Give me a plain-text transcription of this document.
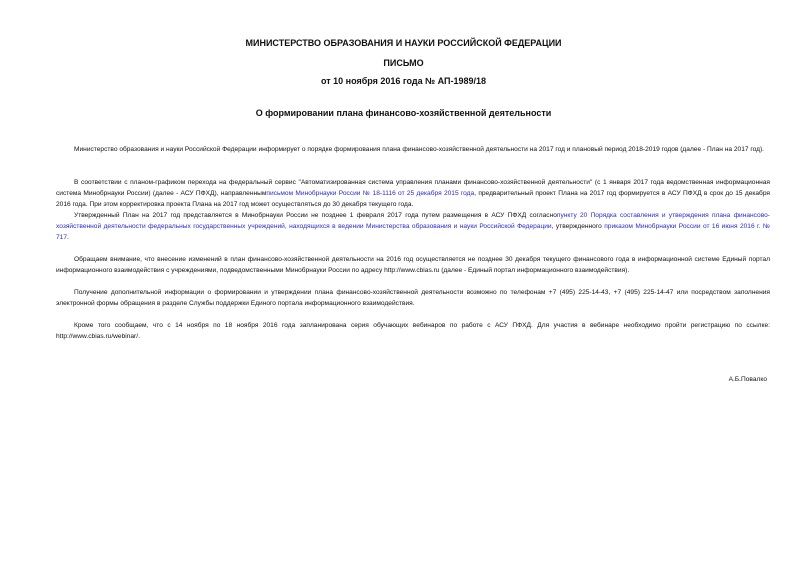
МИНИСТЕРСТВО ОБРАЗОВАНИЯ И НАУКИ РОССИЙСКОЙ ФЕДЕРАЦИИ
ПИСЬМО
от 10 ноября 2016 года № АП-1989/18
О формировании плана финансово-хозяйственной деятельности
Министерство образования и науки Российской Федерации информирует о порядке формирования плана финансово-хозяйственной деятельности на 2017 год и плановый период 2018-2019 годов (далее - План на 2017 год).
В соответствии с планом-графиком перехода на федеральный сервис "Автоматизированная система управления планами финансово-хозяйственной деятельности" (с 1 января 2017 года ведомственная информационная система Минобрнауки России) (далее - АСУ ПФХД), направленнымписьмом Минобрнауки России № 18-1116 от 25 декабря 2015 года, предварительный проект Плана на 2017 год формируется в АСУ ПФХД в срок до 15 декабря 2016 года. При этом корректировка проекта Плана на 2017 год может осуществляться до 30 декабря текущего года.
Утвержденный План на 2017 год представляется в Минобрнауки России не позднее 1 февраля 2017 года путем размещения в АСУ ПФХД согласнопункту 20 Порядка составления и утверждения плана финансово-хозяйственной деятельности федеральных государственных учреждений, находящихся в ведении Министерства образования и науки Российской Федерации, утвержденного приказом Минобрнауки России от 16 июня 2016 г. № 717.
Обращаем внимание, что внесение изменений в план финансово-хозяйственной деятельности на 2016 год осуществляется не позднее 30 декабря текущего финансового года в информационной системе Единый портал информационного взаимодействия с учреждениями, подведомственными Минобрнауки России по адресу http://www.cbias.ru (далее - Единый портал информационного взаимодействия).
Получение дополнительной информации о формировании и утверждении плана финансово-хозяйственной деятельности возможно по телефонам +7 (495) 225-14-43, +7 (495) 225-14-47 или посредством заполнения электронной формы обращения в разделе Службы поддержки Единого портала информационного взаимодействия.
Кроме того сообщаем, что с 14 ноября по 18 ноября 2016 года запланирована серия обучающих вебинаров по работе с АСУ ПФХД. Для участия в вебинаре необходимо пройти регистрацию по ссылке: http://www.cbias.ru/webinar/.
А.Б.Повалко
